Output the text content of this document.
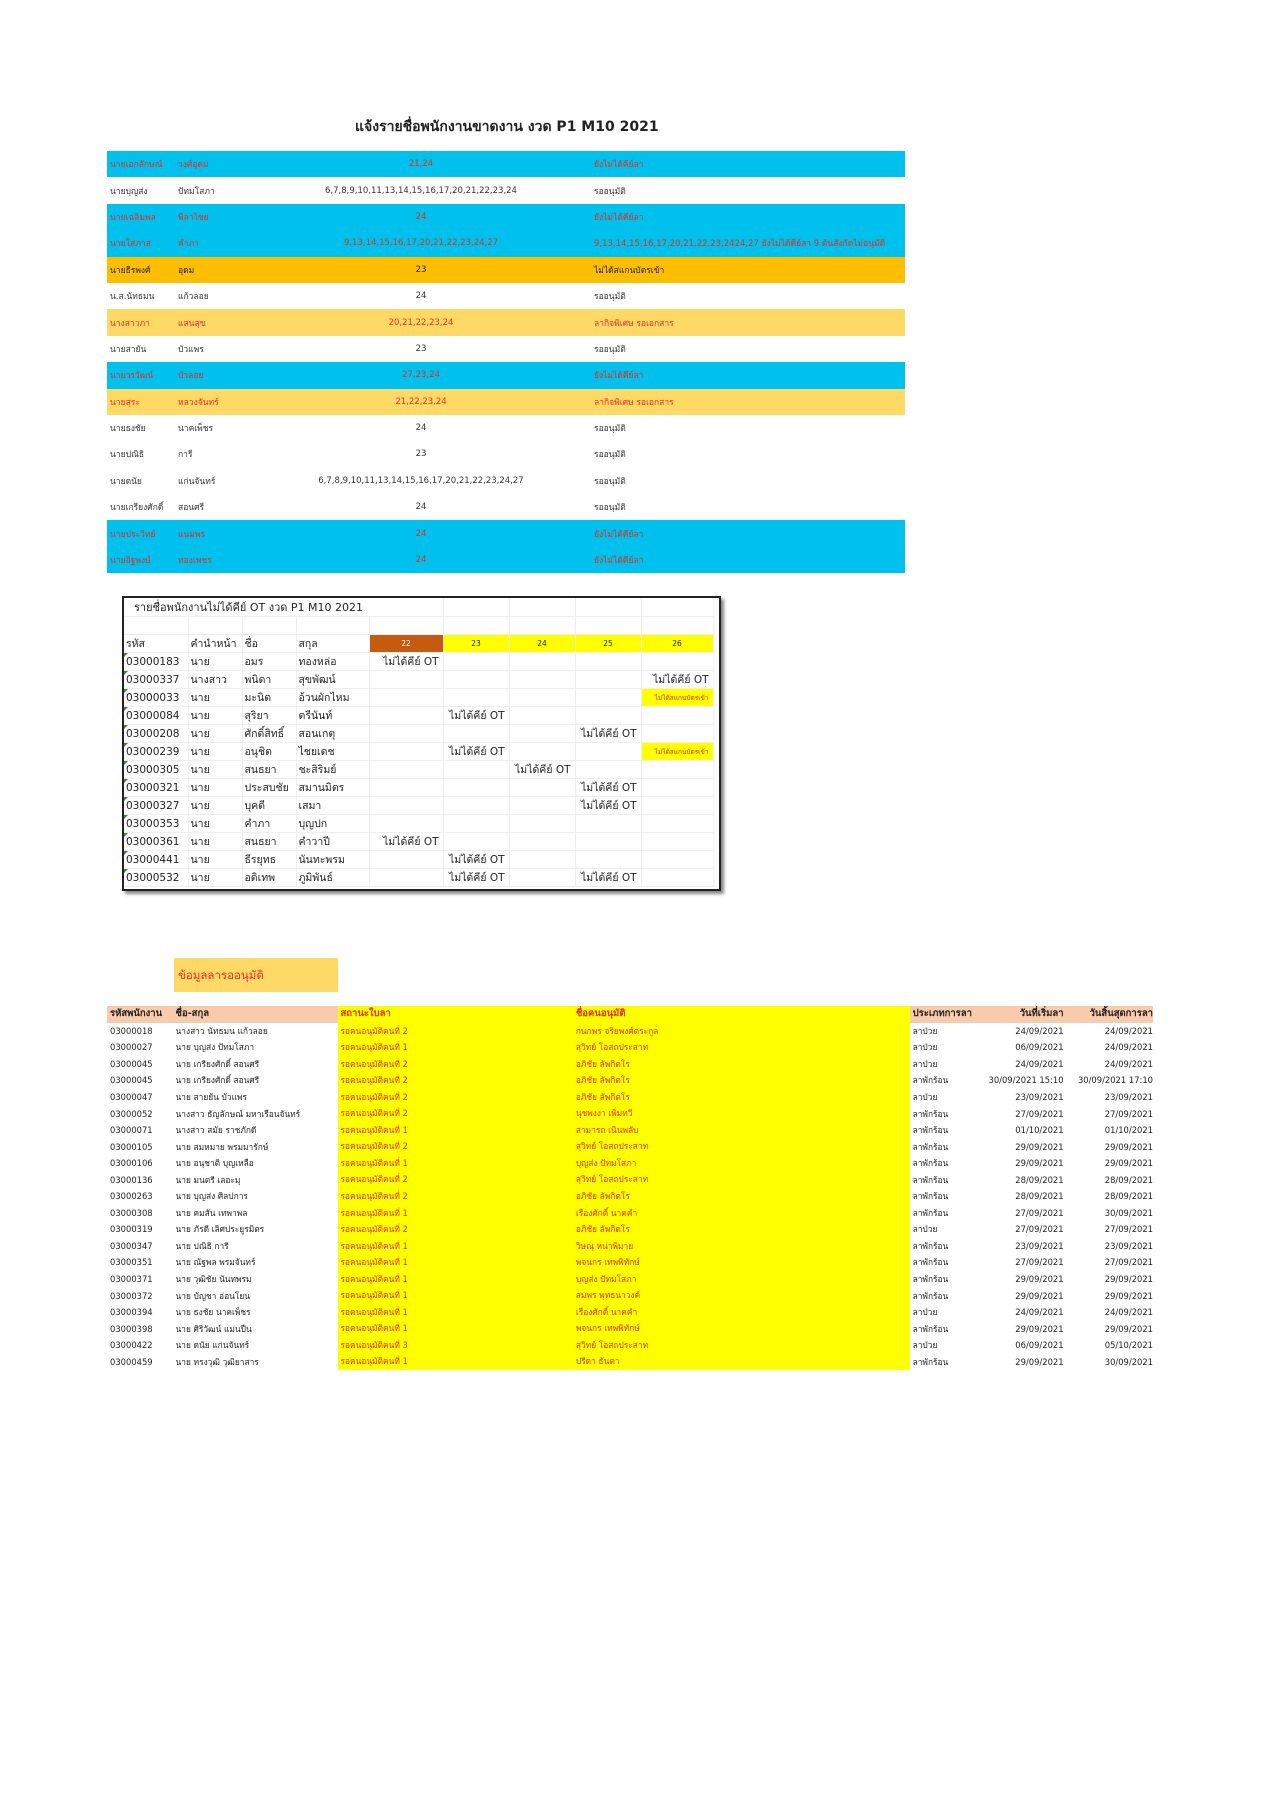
แจ้งรายชื่อพนักงานขาดงาน งวด P1 M10 2021
นายเอกลักษณ์	วงศ์อุดม	21,24	ยังไม่ได้คีย์ลา
นายบุญส่ง	ปัทมโสภา	6,7,8,9,10,11,13,14,15,16,17,20,21,22,23,24	รออนุมัติ
นายเฉลิมพล	พิลาไชย	24	ยังไม่ได้คีย์ลา
นายโสภาส	คำภา	9,13,14,15,16,17,20,21,22,23,24,27	9,13,14,15,16,17,20,21,22,23,2424,27 ยังไม่ได้คีย์ลา 9 ต้นสังกัดไม่อนุมัติ
นายธีรพงศ์	อุดม	23	ไม่ได้สแกนบัตรเข้า
น.ส.นัทธมน	แก้วลอย	24	รออนุมัติ
นางสาวภา	แสนสุข	20,21,22,23,24	ลากิจพิเศษ รอเอกสาร
นายสายัน	บัวแพร	23	รออนุมัติ
นายวรวัฒน์	บัวลอย	27,23,24	ยังไม่ได้คีย์ลา
นายสุระ	หลวงจันทร์	21,22,23,24	ลากิจพิเศษ รอเอกสาร
นายธงชัย	นาคเพ็ชร	24	รออนุมัติ
นายปณิธิ	การี	23	รออนุมัติ
นายดนัย	แก่นจันทร์	6,7,8,9,10,11,13,14,15,16,17,20,21,22,23,24,27	รออนุมัติ
นายเกรียงศักดิ์	สอนศรี	24	รออนุมัติ
นายประวิทย์	แนมพร	24	ยังไม่ได้คีย์ลา
นายอิฐพงษ์	ทองเพชร	24	ยังไม่ได้คีย์ลา
รายชื่อพนักงานไม่ได้คีย์ OT งวด P1 M10 2021								

รหัส	คำนำหน้า	ชื่อ	สกุล	22	23	24	25	26
03000183	นาย	อมร	ทองหล่อ	ไม่ได้คีย์ OT				
03000337	นางสาว	พนิดา	สุขพัฒน์					ไม่ได้คีย์ OT
03000033	นาย	มะนิต	อ้วนผักไหม					ไม่ได้สแกนบัตรเข้า
03000084	นาย	สุริยา	ตรีนันท์		ไม่ได้คีย์ OT			
03000208	นาย	ศักดิ์สิทธิ์	สอนเกตุ				ไม่ได้คีย์ OT	
03000239	นาย	อนุชิต	ไชยเดช		ไม่ได้คีย์ OT			ไม่ได้สแกนบัตรเข้า
03000305	นาย	สนธยา	ชะสิริมย์			ไม่ได้คีย์ OT		
03000321	นาย	ประสบชัย	สมานมิตร				ไม่ได้คีย์ OT	
03000327	นาย	บุคดี	เสมา				ไม่ได้คีย์ OT	
03000353	นาย	คำภา	บุญปก					
03000361	นาย	สนธยา	คำวาปี	ไม่ได้คีย์ OT				
03000441	นาย	ธีรยุทธ	นันทะพรม		ไม่ได้คีย์ OT			
03000532	นาย	อดิเทพ	ภูมิพันธ์		ไม่ได้คีย์ OT		ไม่ได้คีย์ OT	
ข้อมูลลารออนุมัติ
รหัสพนักงาน	ชื่อ-สกุล	สถานะใบลา	ชื่อคนอนุมัติ	ประเภทการลา	วันที่เริ่มลา	วันสิ้นสุดการลา
03000018	นางสาว นัทธมน แก้วลอย	รอคนอนุมัติคนที่ 2	กนกพร จริยพงศ์ตระกูล	ลาป่วย	24/09/2021	24/09/2021
03000027	นาย บุญส่ง ปัทมโสภา	รอคนอนุมัติคนที่ 1	สุวิทย์ โอสถประสาท	ลาป่วย	06/09/2021	24/09/2021
03000045	นาย เกรียงศักดิ์ สอนศรี	รอคนอนุมัติคนที่ 2	อภิชัย ลัพกิตโร	ลาป่วย	24/09/2021	24/09/2021
03000045	นาย เกรียงศักดิ์ สอนศรี	รอคนอนุมัติคนที่ 2	อภิชัย ลัพกิตโร	ลาพักร้อน	30/09/2021 15:10	30/09/2021 17:10
03000047	นาย สายยัน บัวแพร	รอคนอนุมัติคนที่ 2	อภิชัย ลัพกิตโร	ลาป่วย	23/09/2021	23/09/2021
03000052	นางสาว ธัญลักษณ์ มหาเรือนจันทร์	รอคนอนุมัติคนที่ 2	นุชพงงา เพิ่มทวี	ลาพักร้อน	27/09/2021	27/09/2021
03000071	นางสาว สมัย ราชภักดี	รอคนอนุมัติคนที่ 1	สามารถ เนินพลับ	ลาพักร้อน	01/10/2021	01/10/2021
03000105	นาย สมหมาย พรมมารักษ์	รอคนอนุมัติคนที่ 2	สุวิทย์ โอสถประสาท	ลาพักร้อน	29/09/2021	29/09/2021
03000106	นาย อนุชาติ บุญเหลือ	รอคนอนุมัติคนที่ 1	บุญส่ง ปัทมโสภา	ลาพักร้อน	29/09/2021	29/09/2021
03000136	นาย มนตรี เลอะมุ	รอคนอนุมัติคนที่ 2	สุวิทย์ โอสถประสาท	ลาพักร้อน	28/09/2021	28/09/2021
03000263	นาย บุญส่ง ศิลปการ	รอคนอนุมัติคนที่ 2	อภิชัย ลัพกิตโร	ลาพักร้อน	28/09/2021	28/09/2021
03000308	นาย คมสัน เทพาพล	รอคนอนุมัติคนที่ 1	เรืองศักดิ์ นาคคำ	ลาพักร้อน	27/09/2021	30/09/2021
03000319	นาย ภัรดี เลิศประยูรมิตร	รอคนอนุมัติคนที่ 2	อภิชัย ลัพกิตโร	ลาป่วย	27/09/2021	27/09/2021
03000347	นาย ปณิธิ การี	รอคนอนุมัติคนที่ 1	วิษณุ หน่าพิมาย	ลาพักร้อน	23/09/2021	23/09/2021
03000351	นาย ณัฐพล พรมจันทร์	รอคนอนุมัติคนที่ 1	พจนกร เทพพิทักษ์	ลาพักร้อน	27/09/2021	27/09/2021
03000371	นาย วุฒิชัย นันทพรม	รอคนอนุมัติคนที่ 1	บุญส่ง ปัทมโสภา	ลาพักร้อน	29/09/2021	29/09/2021
03000372	นาย บัญชา อ่อนโยน	รอคนอนุมัติคนที่ 1	สมพร พุทธนาวงค์	ลาพักร้อน	29/09/2021	29/09/2021
03000394	นาย ธงชัย นาคเพ็ชร	รอคนอนุมัติคนที่ 1	เรืองศักดิ์ นาคคำ	ลาป่วย	24/09/2021	24/09/2021
03000398	นาย ศิริวัฒน์ แม่นปืน	รอคนอนุมัติคนที่ 1	พจนกร เทพพิทักษ์	ลาพักร้อน	29/09/2021	29/09/2021
03000422	นาย ดนัย แก่นจันทร์	รอคนอนุมัติคนที่ 3	สุวิทย์ โอสถประสาท	ลาป่วย	06/09/2021	05/10/2021
03000459	นาย ทรงวุฒิ วุฒิยาสาร	รอคนอนุมัติคนที่ 1	ปรีดา ธันตา	ลาพักร้อน	29/09/2021	30/09/2021
